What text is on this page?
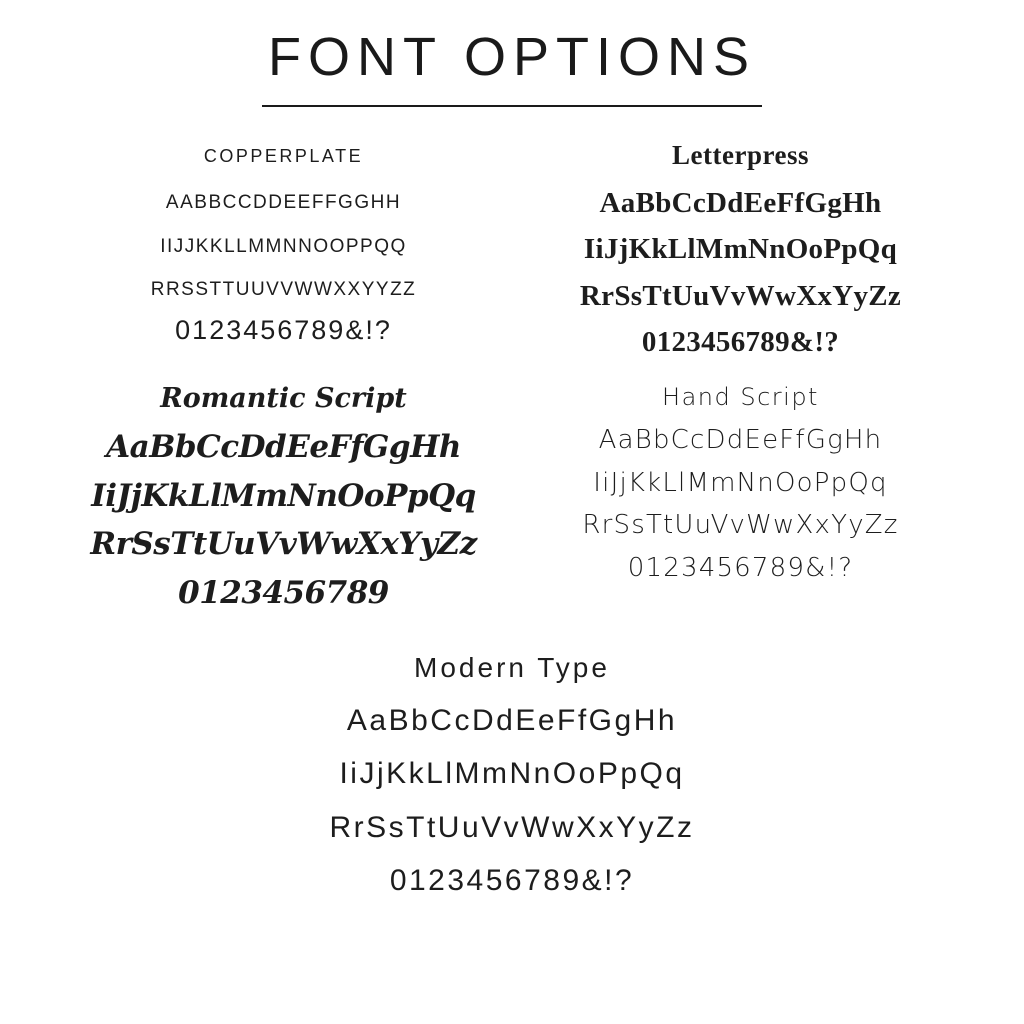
FONT OPTIONS

copperplate

aabbccddeeffgghh

iijjkkllmmnnooppqq

rrssttuuvvwwxxyyzz

0123456789&!?

Letterpress

AaBbCcDdEeFfGgHh

IiJjKkLlMmNnOoPpQq

RrSsTtUuVvWwXxYyZz

0123456789&!?

Romantic Script

AaBbCcDdEeFfGgHh

IiJjKkLlMmNnOoPpQq

RrSsTtUuVvWwXxYyZz

0123456789

Hand Script

AaBbCcDdEeFfGgHh

IiJjKkLlMmNnOoPpQq

RrSsTtUuVvWwXxYyZz

0123456789&!?

Modern Type

AaBbCcDdEeFfGgHh

IiJjKkLlMmNnOoPpQq

RrSsTtUuVvWwXxYyZz

0123456789&!?
